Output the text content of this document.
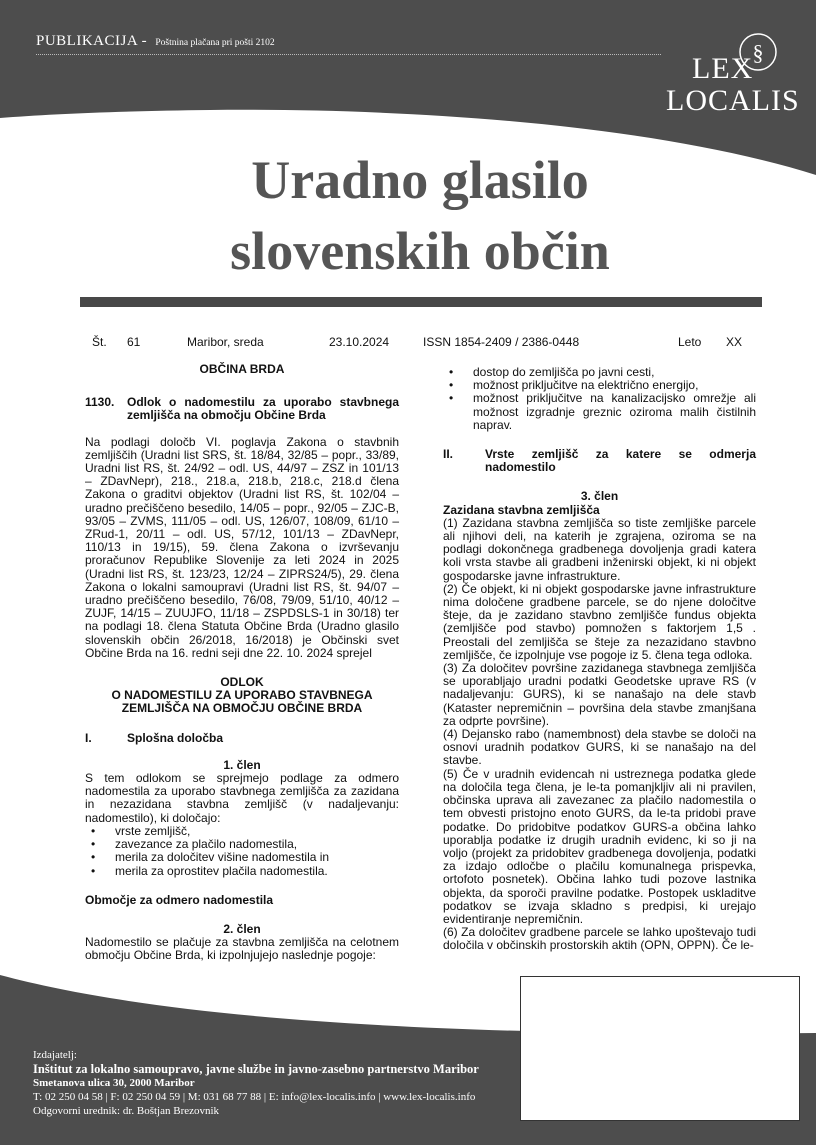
PUBLIKACIJA - Poštnina plačana pri pošti 2102	§
LEX
LOCALIS
Uradno glasilo
slovenskih občin
Št. 61	Maribor, sreda	23.10.2024	ISSN 1854-2409 / 2386-0448	Leto XX

OBČINA BRDA

1130.	Odlok o nadomestilu za uporabo stavbnega zemljišča na območju Občine Brda

Na podlagi določb VI. poglavja Zakona o stavbnih zemljiščih (Uradni list SRS, št. 18/84, 32/85 – popr., 33/89, Uradni list RS, št. 24/92 – odl. US, 44/97 – ZSZ in 101/13 – ZDavNepr), 218., 218.a, 218.b, 218.c, 218.d člena Zakona o graditvi objektov (Uradni list RS, št. 102/04 – uradno prečiščeno besedilo, 14/05 – popr., 92/05 – ZJC-B, 93/05 – ZVMS, 111/05 – odl. US, 126/07, 108/09, 61/10 – ZRud-1, 20/11 – odl. US, 57/12, 101/13 – ZDavNepr, 110/13 in 19/15), 59. člena Zakona o izvrševanju proračunov Republike Slovenije za leti 2024 in 2025 (Uradni list RS, št. 123/23, 12/24 – ZIPRS24/5), 29. člena Zakona o lokalni samoupravi (Uradni list RS, št. 94/07 – uradno prečiščeno besedilo, 76/08, 79/09, 51/10, 40/12 – ZUJF, 14/15 – ZUUJFO, 11/18 – ZSPDSLS-1 in 30/18) ter na podlagi 18. člena Statuta Občine Brda (Uradno glasilo slovenskih občin 26/2018, 16/2018) je Občinski svet Občine Brda na 16. redni seji dne 22. 10. 2024 sprejel

ODLOK

O NADOMESTILU ZA UPORABO STAVBNEGA

ZEMLJIŠČA NA OBMOČJU OBČINE BRDA

I.	Splošna določba

1. člen

S tem odlokom se sprejmejo podlage za odmero nadomestila za uporabo stavbnega zemljišča za zazidana in nezazidana stavbna zemljišč (v nadaljevanju: nadomestilo), ki določajo:

• vrste zemljišč,
• zavezance za plačilo nadomestila,
• merila za določitev višine nadomestila in
• merila za oprostitev plačila nadomestila.

Območje za odmero nadomestila

2. člen

Nadomestilo se plačuje za stavbna zemljišča na celotnem območju Občine Brda, ki izpolnjujejo naslednje pogoje:

• dostop do zemljišča po javni cesti,
• možnost priključitve na električno energijo,
• možnost priključitve na kanalizacijsko omrežje ali možnost izgradnje greznic oziroma malih čistilnih naprav.

II.	Vrste zemljišč za katere se odmerja nadomestilo

3. člen

Zazidana stavbna zemljišča

(1) Zazidana stavbna zemljišča so tiste zemljiške parcele ali njihovi deli, na katerih je zgrajena, oziroma se na podlagi dokončnega gradbenega dovoljenja gradi katera koli vrsta stavbe ali gradbeni inženirski objekt, ki ni objekt gospodarske javne infrastrukture.

(2) Če objekt, ki ni objekt gospodarske javne infrastrukture nima določene gradbene parcele, se do njene določitve šteje, da je zazidano stavbno zemljišče fundus objekta (zemljišče pod stavbo) pomnožen s faktorjem 1,5 . Preostali del zemljišča se šteje za nezazidano stavbno zemljišče, če izpolnjuje vse pogoje iz 5. člena tega odloka.

(3) Za določitev površine zazidanega stavbnega zemljišča se uporabljajo uradni podatki Geodetske uprave RS (v nadaljevanju: GURS), ki se nanašajo na dele stavb (Kataster nepremičnin – površina dela stavbe zmanjšana za odprte površine).

(4) Dejansko rabo (namembnost) dela stavbe se določi na osnovi uradnih podatkov GURS, ki se nanašajo na del stavbe.

(5) Če v uradnih evidencah ni ustreznega podatka glede na določila tega člena, je le-ta pomanjkljiv ali ni pravilen, občinska uprava ali zavezanec za plačilo nadomestila o tem obvesti pristojno enoto GURS, da le-ta pridobi prave podatke. Do pridobitve podatkov GURS-a občina lahko uporablja podatke iz drugih uradnih evidenc, ki so ji na voljo (projekt za pridobitev gradbenega dovoljenja, podatki za izdajo odločbe o plačilu komunalnega prispevka, ortofoto posnetek). Občina lahko tudi pozove lastnika objekta, da sporoči pravilne podatke. Postopek uskladitve podatkov se izvaja skladno s predpisi, ki urejajo evidentiranje nepremičnin.

(6) Za določitev gradbene parcele se lahko upoštevajo tudi določila v občinskih prostorskih aktih (OPN, OPPN). Če le-

Izdajatelj:
Inštitut za lokalno samoupravo, javne službe in javno-zasebno partnerstvo Maribor
Smetanova ulica 30, 2000 Maribor
T: 02 250 04 58 | F: 02 250 04 59 | M: 031 68 77 88 | E: info@lex-localis.info | www.lex-localis.info
Odgovorni urednik: dr. Boštjan Brezovnik
